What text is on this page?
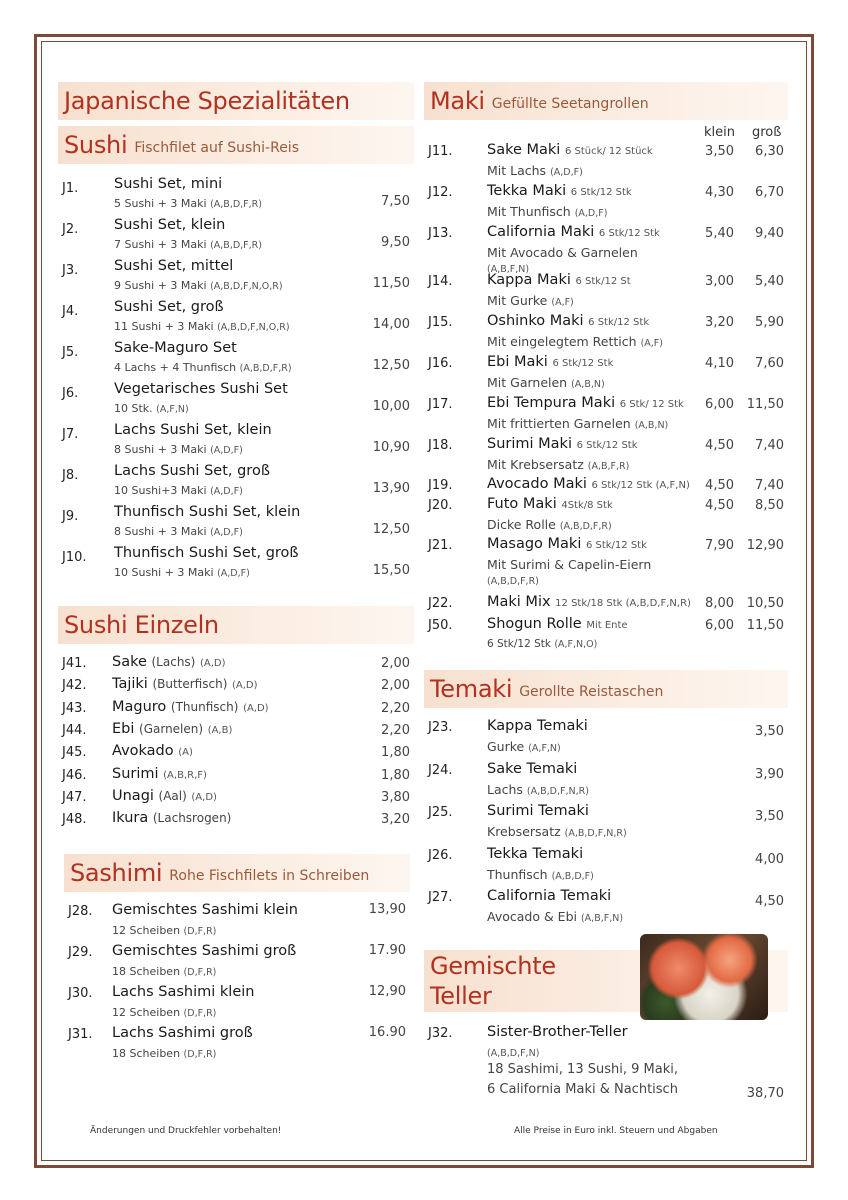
Japanische Spezialitäten
Sushi Fischfilet auf Sushi-Reis
J1. Sushi Set, mini
5 Sushi + 3 Maki (A,B,D,F,R)	7,50
J2. Sushi Set, klein
7 Sushi + 3 Maki (A,B,D,F,R)	9,50
J3. Sushi Set, mittel
9 Sushi + 3 Maki (A,B,D,F,N,O,R)	11,50
J4. Sushi Set, groß
11 Sushi + 3 Maki (A,B,D,F,N,O,R)	14,00
J5. Sake-Maguro Set
4 Lachs + 4 Thunfisch (A,B,D,F,R)	12,50
J6. Vegetarisches Sushi Set
10 Stk. (A,F,N)	10,00
J7. Lachs Sushi Set, klein
8 Sushi + 3 Maki (A,D,F)	10,90
J8. Lachs Sushi Set, groß
10 Sushi+3 Maki (A,D,F)	13,90
J9. Thunfisch Sushi Set, klein
8 Sushi + 3 Maki (A,D,F)	12,50
J10. Thunfisch Sushi Set, groß
10 Sushi + 3 Maki (A,D,F)	15,50
Sushi Einzeln
J41. Sake (Lachs) (A,D)	2,00
J42. Tajiki (Butterfisch) (A,D)	2,00
J43. Maguro (Thunfisch) (A,D)	2,20
J44. Ebi (Garnelen) (A,B)	2,20
J45. Avokado (A)	1,80
J46. Surimi (A,B,R,F)	1,80
J47. Unagi (Aal) (A,D)	3,80
J48. Ikura (Lachsrogen)	3,20
Sashimi Rohe Fischfilets in Schreiben
J28. Gemischtes Sashimi klein
12 Scheiben (D,F,R)
13,90
J29. Gemischtes Sashimi groß
18 Scheiben (D,F,R)
17.90
J30. Lachs Sashimi klein
12 Scheiben (D,F,R)
12,90
J31. Lachs Sashimi groß
18 Scheiben (D,F,R)
16.90
Änderungen und Druckfehler vorbehalten!
Maki Gefüllte Seetangrollen
klein groß
J11. Sake Maki 6 Stück/ 12 Stück
Mit Lachs (A,D,F)
3,50 6,30
J12. Tekka Maki 6 Stk/12 Stk
Mit Thunfisch (A,D,F)
4,30 6,70
J13. California Maki 6 Stk/12 Stk
Mit Avocado & Garnelen
(A,B,F,N)
5,40 9,40
J14. Kappa Maki 6 Stk/12 St
Mit Gurke (A,F)
3,00 5,40
J15. Oshinko Maki 6 Stk/12 Stk
Mit eingelegtem Rettich (A,F)
3,20 5,90
J16. Ebi Maki 6 Stk/12 Stk
Mit Garnelen (A,B,N)
4,10 7,60
J17. Ebi Tempura Maki 6 Stk/ 12 Stk
Mit frittierten Garnelen (A,B,N)
6,00 11,50
J18. Surimi Maki 6 Stk/12 Stk
Mit Krebsersatz (A,B,F,R)
4,50 7,40
J19. Avocado Maki 6 Stk/12 Stk (A,F,N) 4,50 7,40
J20. Futo Maki 4Stk/8 Stk
Dicke Rolle (A,B,D,F,R)
4,50 8,50
J21. Masago Maki 6 Stk/12 Stk
Mit Surimi & Capelin-Eiern
(A,B,D,F,R)
7,90 12,90
J22. Maki Mix 12 Stk/18 Stk (A,B,D,F,N,R) 8,00 10,50
J50. Shogun Rolle Mit Ente
6 Stk/12 Stk (A,F,N,O)
6,00 11,50
Temaki Gerollte Reistaschen
J23. Kappa Temaki
Gurke (A,F,N)
3,50
J24. Sake Temaki
Lachs (A,B,D,F,N,R)
3,90
J25. Surimi Temaki
Krebsersatz (A,B,D,F,N,R)
3,50
J26. Tekka Temaki
Thunfisch (A,B,D,F)
4,00
J27. California Temaki
Avocado & Ebi (A,B,F,N)
4,50
Gemischte
Teller
J32. Sister-Brother-Teller
(A,B,D,F,N)
18 Sashimi, 13 Sushi, 9 Maki,
6 California Maki & Nachtisch	38,70
Alle Preise in Euro inkl. Steuern und Abgaben
